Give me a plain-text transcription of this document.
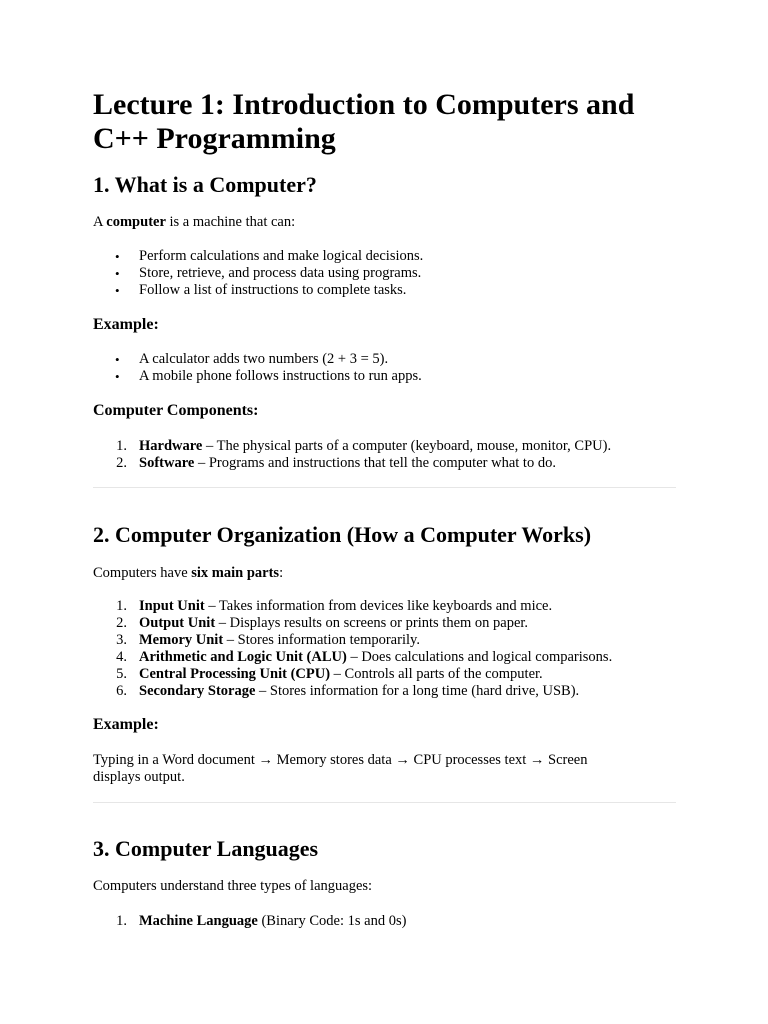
Lecture 1: Introduction to Computers and
C++ Programming
1. What is a Computer?

A computer is a machine that can:

• Perform calculations and make logical decisions.
• Store, retrieve, and process data using programs.
• Follow a list of instructions to complete tasks.
Example:
• A calculator adds two numbers (2 + 3 = 5).
• A mobile phone follows instructions to run apps.
Computer Components:
1. Hardware – The physical parts of a computer (keyboard, mouse, monitor, CPU).
2. Software – Programs and instructions that tell the computer what to do.
2. Computer Organization (How a Computer Works)

Computers have six main parts:

1. Input Unit – Takes information from devices like keyboards and mice.
2. Output Unit – Displays results on screens or prints them on paper.
3. Memory Unit – Stores information temporarily.
4. Arithmetic and Logic Unit (ALU) – Does calculations and logical comparisons.
5. Central Processing Unit (CPU) – Controls all parts of the computer.
6. Secondary Storage – Stores information for a long time (hard drive, USB).
Example:

Typing in a Word document → Memory stores data → CPU processes text → Screen

displays output.

3. Computer Languages

Computers understand three types of languages:

1. Machine Language (Binary Code: 1s and 0s)
